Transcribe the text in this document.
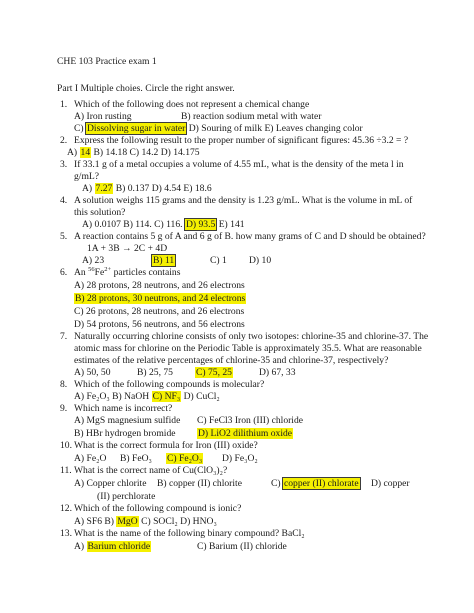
CHE 103 Practice exam 1
Part I Multiple choies. Circle the right answer.
1. Which of the following does not represent a chemical change
A) Iron rusting	B) reaction sodium metal with water
C) Dissolving sugar in water D) Souring of milk E) Leaves changing color
2. Express the following result to the proper number of significant figures: 45.36 ÷3.2 = ?
A) 14 B) 14.18 C) 14.2 D) 14.175
3. If 33.1 g of a metal occupies a volume of 4.55 mL, what is the density of the meta l in
g/mL?
A) 7.27 B) 0.137 D) 4.54 E) 18.6
4. A solution weighs 115 grams and the density is 1.23 g/mL. What is the volume in mL of
this solution?
A) 0.0107 B) 114. C) 116. D) 93.5 E) 141
5. A reaction contains 5 g of A and 6 g of B. how many grams of C and D should be obtained?
1A + 3B → 2C + 4D
A) 23	B) 11	C) 1 D) 10
6. An $^{56}Fe^{2+}$ particles contains
A) 28 protons, 28 neutrons, and 26 electrons
B) 28 protons, 30 neutrons, and 24 electrons
C) 26 protons, 28 neutrons, and 26 electrons
D) 54 protons, 56 neutrons, and 56 electrons
7. Naturally occurring chlorine consists of only two isotopes: chlorine-35 and chlorine-37. The
atomic mass for chlorine on the Periodic Table is approximately 35.5. What are reasonable
estimates of the relative percentages of chlorine-35 and chlorine-37, respectively?
A) 50, 50	B) 25, 75 C) 75, 25	D) 67, 33
8. Which of the following compounds is molecular?
A) Fe₂O₃ B) NaOH C) NF₃ D) CuCl₂
9. Which name is incorrect?
A) MgS magnesium sulfide C) FeCl3 Iron (III) chloride
B) HBr hydrogen bromide D) LiO2 dilithium oxide
10. What is the correct formula for Iron (III) oxide?
A) Fe₂O B) FeO₃ C) Fe₂O₃ D) Fe₃O₂
11. What is the correct name of Cu(ClO₃)₂?
A) Copper chlorite B) copper (II) chlorite	C) copper (II) chlorate D) copper
(II) perchlorate
12. Which of the following compound is ionic?
A) SF6 B) MgO C) SOCl₂ D) HNO₃
13. What is the name of the following binary compound? BaCl₂
A) Barium chloride	C) Barium (II) chloride
